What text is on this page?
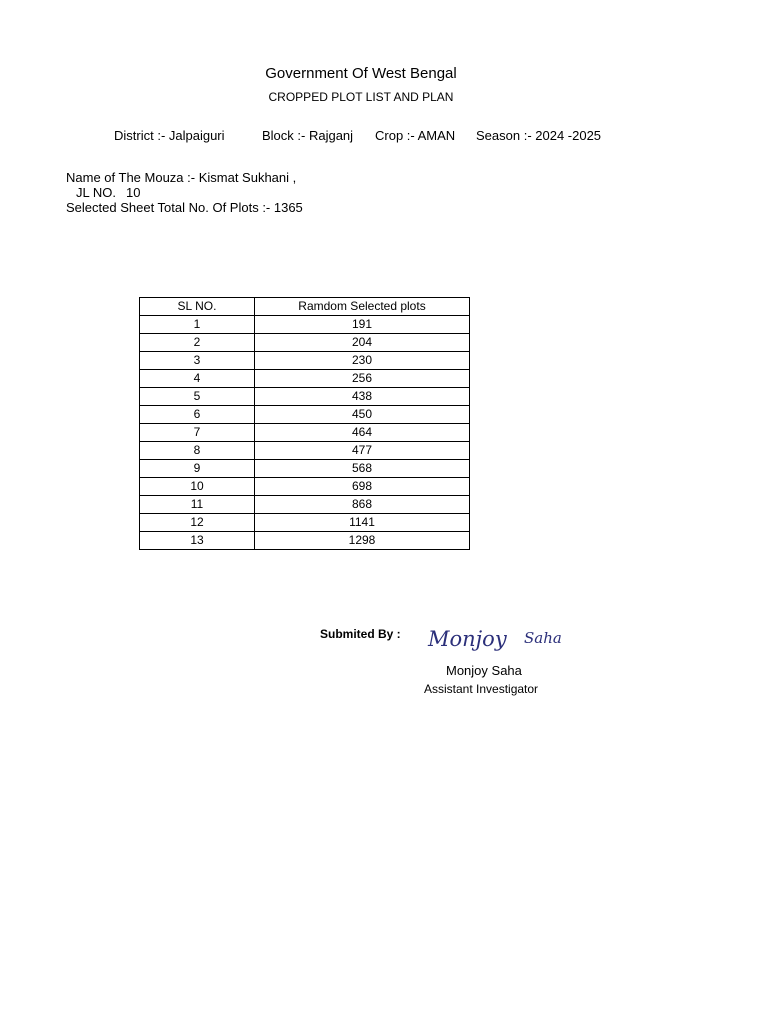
Government Of West Bengal
CROPPED PLOT LIST AND PLAN
District :- Jalpaiguri	Block :- Rajganj Crop :- AMAN Season :- 2024 -2025
Name of The Mouza :- Kismat Sukhani ,
JL NO. 10
Selected Sheet Total No. Of Plots :- 1365
SL NO.	Ramdom Selected plots
1	191
2	204
3	230
4	256
5	438
6	450
7	464
8	477
9	568
10	698
11	868
12	1141
13	1298
Submited By : Monjoy Saha
Monjoy Saha
Assistant Investigator
